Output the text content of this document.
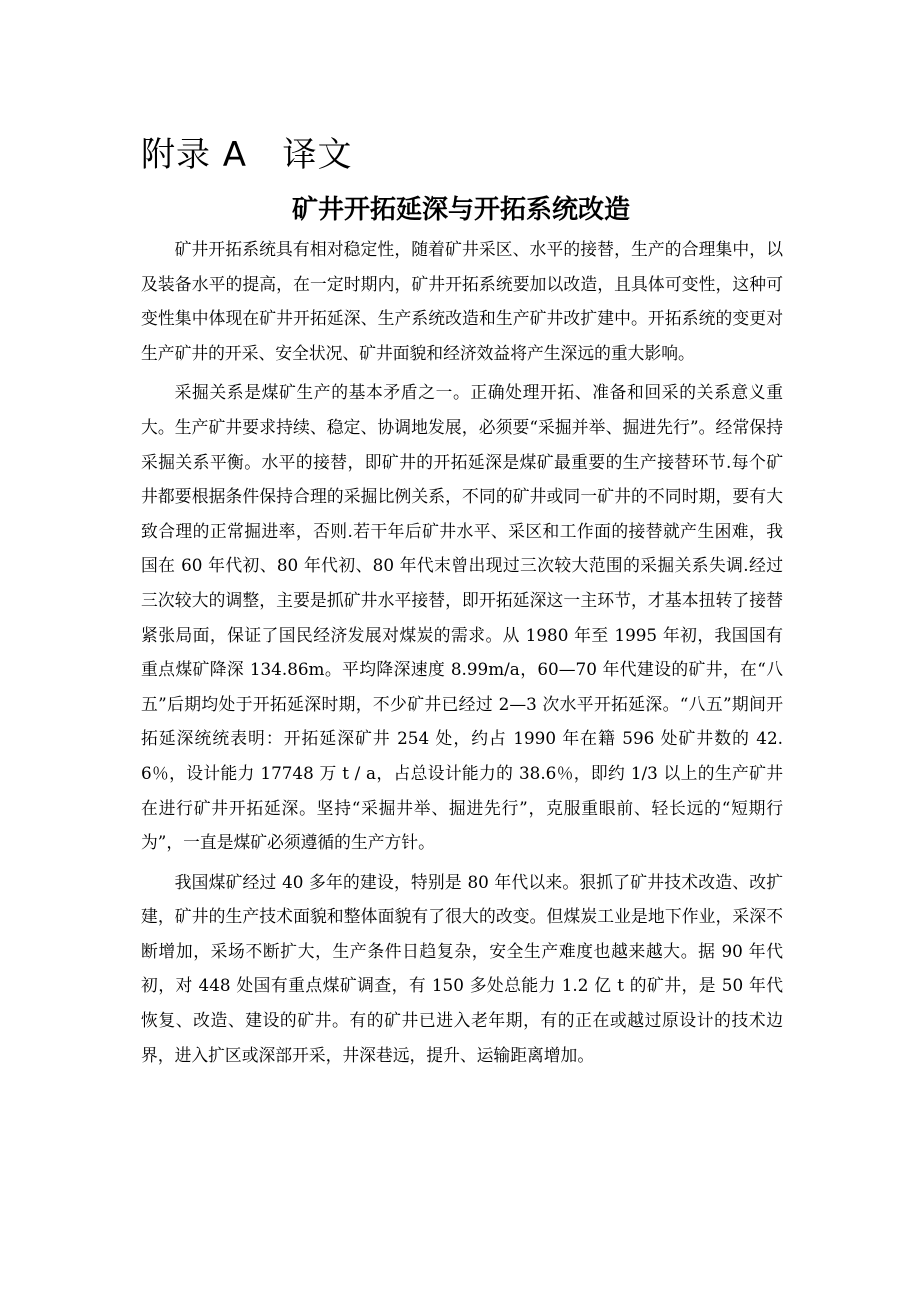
附录 A   译文
矿井开拓延深与开拓系统改造

矿井开拓系统具有相对稳定性，随着矿井采区、水平的接替，生产的合理集中，以及装备水平的提高，在一定时期内，矿井开拓系统要加以改造，且具体可变性，这种可变性集中体现在矿井开拓延深、生产系统改造和生产矿井改扩建中。开拓系统的变更对生产矿井的开采、安全状况、矿井面貌和经济效益将产生深远的重大影响。

采掘关系是煤矿生产的基本矛盾之一。正确处理开拓、准备和回采的关系意义重大。生产矿井要求持续、稳定、协调地发展，必须要“采掘并举、掘进先行”。经常保持采掘关系平衡。水平的接替，即矿井的开拓延深是煤矿最重要的生产接替环节.每个矿井都要根据条件保持合理的采掘比例关系，不同的矿井或同一矿井的不同时期，要有大致合理的正常掘进率，否则.若干年后矿井水平、采区和工作面的接替就产生困难，我国在 60 年代初、80 年代初、80 年代末曾出现过三次较大范围的采掘关系失调.经过三次较大的调整，主要是抓矿井水平接替，即开拓延深这一主环节，才基本扭转了接替紧张局面，保证了国民经济发展对煤炭的需求。从 1980 年至 1995 年初，我国国有重点煤矿降深 134.86m。平均降深速度 8.99m/a，60—70 年代建设的矿井，在“八五”后期均处于开拓延深时期，不少矿井已经过 2—3 次水平开拓延深。“八五”期间开拓延深统统表明：开拓延深矿井 254 处，约占 1990 年在籍 596 处矿井数的 42.6％，设计能力 17748 万 t / a，占总设计能力的 38.6％，即约 1/3 以上的生产矿井在进行矿井开拓延深。坚持“采掘井举、掘进先行”，克服重眼前、轻长远的“短期行为”，一直是煤矿必须遵循的生产方针。

我国煤矿经过 40 多年的建设，特别是 80 年代以来。狠抓了矿井技术改造、改扩建，矿井的生产技术面貌和整体面貌有了很大的改变。但煤炭工业是地下作业，采深不断增加，采场不断扩大，生产条件日趋复杂，安全生产难度也越来越大。据 90 年代初，对 448 处国有重点煤矿调查，有 150 多处总能力 1.2 亿 t 的矿井，是 50 年代恢复、改造、建设的矿井。有的矿井已进入老年期，有的正在或越过原设计的技术边界，进入扩区或深部开采，井深巷远，提升、运输距离增加。
